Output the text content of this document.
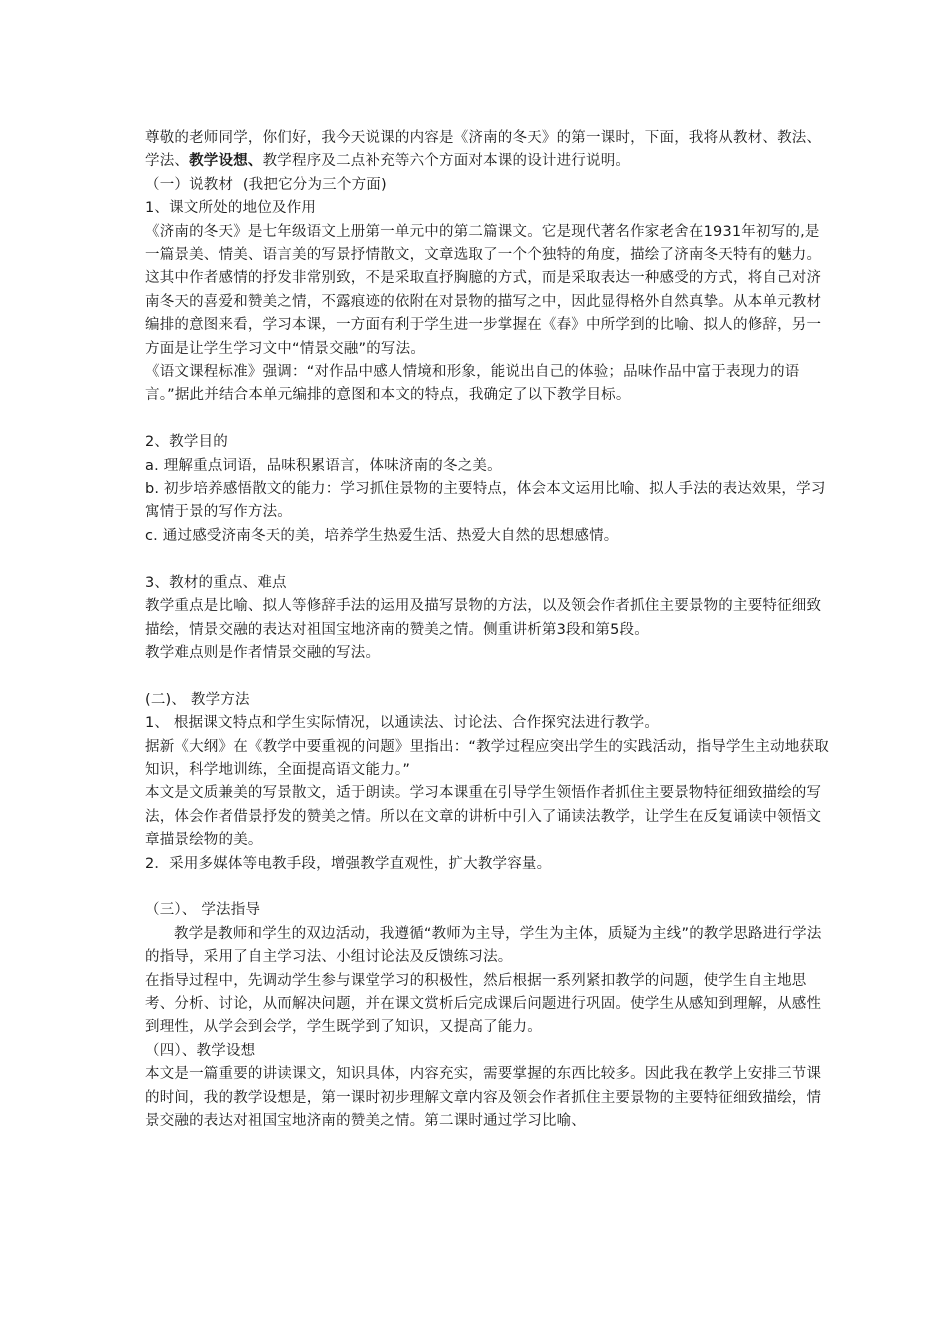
尊敬的老师同学，你们好，我今天说课的内容是《济南的冬天》的第一课时，下面，我将从教材、教法、学法、教学设想、教学程序及二点补充等六个方面对本课的设计进行说明。

（一）说教材  (我把它分为三个方面)

1、课文所处的地位及作用

《济南的冬天》是七年级语文上册第一单元中的第二篇课文。它是现代著名作家老舍在1931年初写的,是一篇景美、情美、语言美的写景抒情散文，文章选取了一个个独特的角度，描绘了济南冬天特有的魅力。这其中作者感情的抒发非常别致，不是采取直抒胸臆的方式，而是采取表达一种感受的方式，将自己对济南冬天的喜爱和赞美之情，不露痕迹的依附在对景物的描写之中，因此显得格外自然真挚。从本单元教材编排的意图来看，学习本课，一方面有利于学生进一步掌握在《春》中所学到的比喻、拟人的修辞，另一方面是让学生学习文中“情景交融”的写法。

《语文课程标准》强调：“对作品中感人情境和形象，能说出自己的体验；品味作品中富于表现力的语言。”据此并结合本单元编排的意图和本文的特点，我确定了以下教学目标。

2、教学目的

a. 理解重点词语，品味积累语言，体味济南的冬之美。

b. 初步培养感悟散文的能力：学习抓住景物的主要特点，体会本文运用比喻、拟人手法的表达效果，学习寓情于景的写作方法。

c. 通过感受济南冬天的美，培养学生热爱生活、热爱大自然的思想感情。

3、教材的重点、难点

教学重点是比喻、拟人等修辞手法的运用及描写景物的方法，以及领会作者抓住主要景物的主要特征细致描绘，情景交融的表达对祖国宝地济南的赞美之情。侧重讲析第3段和第5段。

教学难点则是作者情景交融的写法。

(二)、 教学方法

1、 根据课文特点和学生实际情况，以通读法、讨论法、合作探究法进行教学。

据新《大纲》在《教学中要重视的问题》里指出：“教学过程应突出学生的实践活动，指导学生主动地获取知识，科学地训练，全面提高语文能力。”

本文是文质兼美的写景散文，适于朗读。学习本课重在引导学生领悟作者抓住主要景物特征细致描绘的写法，体会作者借景抒发的赞美之情。所以在文章的讲析中引入了诵读法教学，让学生在反复诵读中领悟文章描景绘物的美。

2．采用多媒体等电教手段，增强教学直观性，扩大教学容量。

（三）、 学法指导

教学是教师和学生的双边活动，我遵循“教师为主导，学生为主体，质疑为主线”的教学思路进行学法的指导，采用了自主学习法、小组讨论法及反馈练习法。

在指导过程中，先调动学生参与课堂学习的积极性，然后根据一系列紧扣教学的问题，使学生自主地思考、分析、讨论，从而解决问题，并在课文赏析后完成课后问题进行巩固。使学生从感知到理解，从感性到理性，从学会到会学，学生既学到了知识，又提高了能力。

（四）、教学设想

本文是一篇重要的讲读课文，知识具体，内容充实，需要掌握的东西比较多。因此我在教学上安排三节课的时间，我的教学设想是，第一课时初步理解文章内容及领会作者抓住主要景物的主要特征细致描绘，情景交融的表达对祖国宝地济南的赞美之情。第二课时通过学习比喻、
